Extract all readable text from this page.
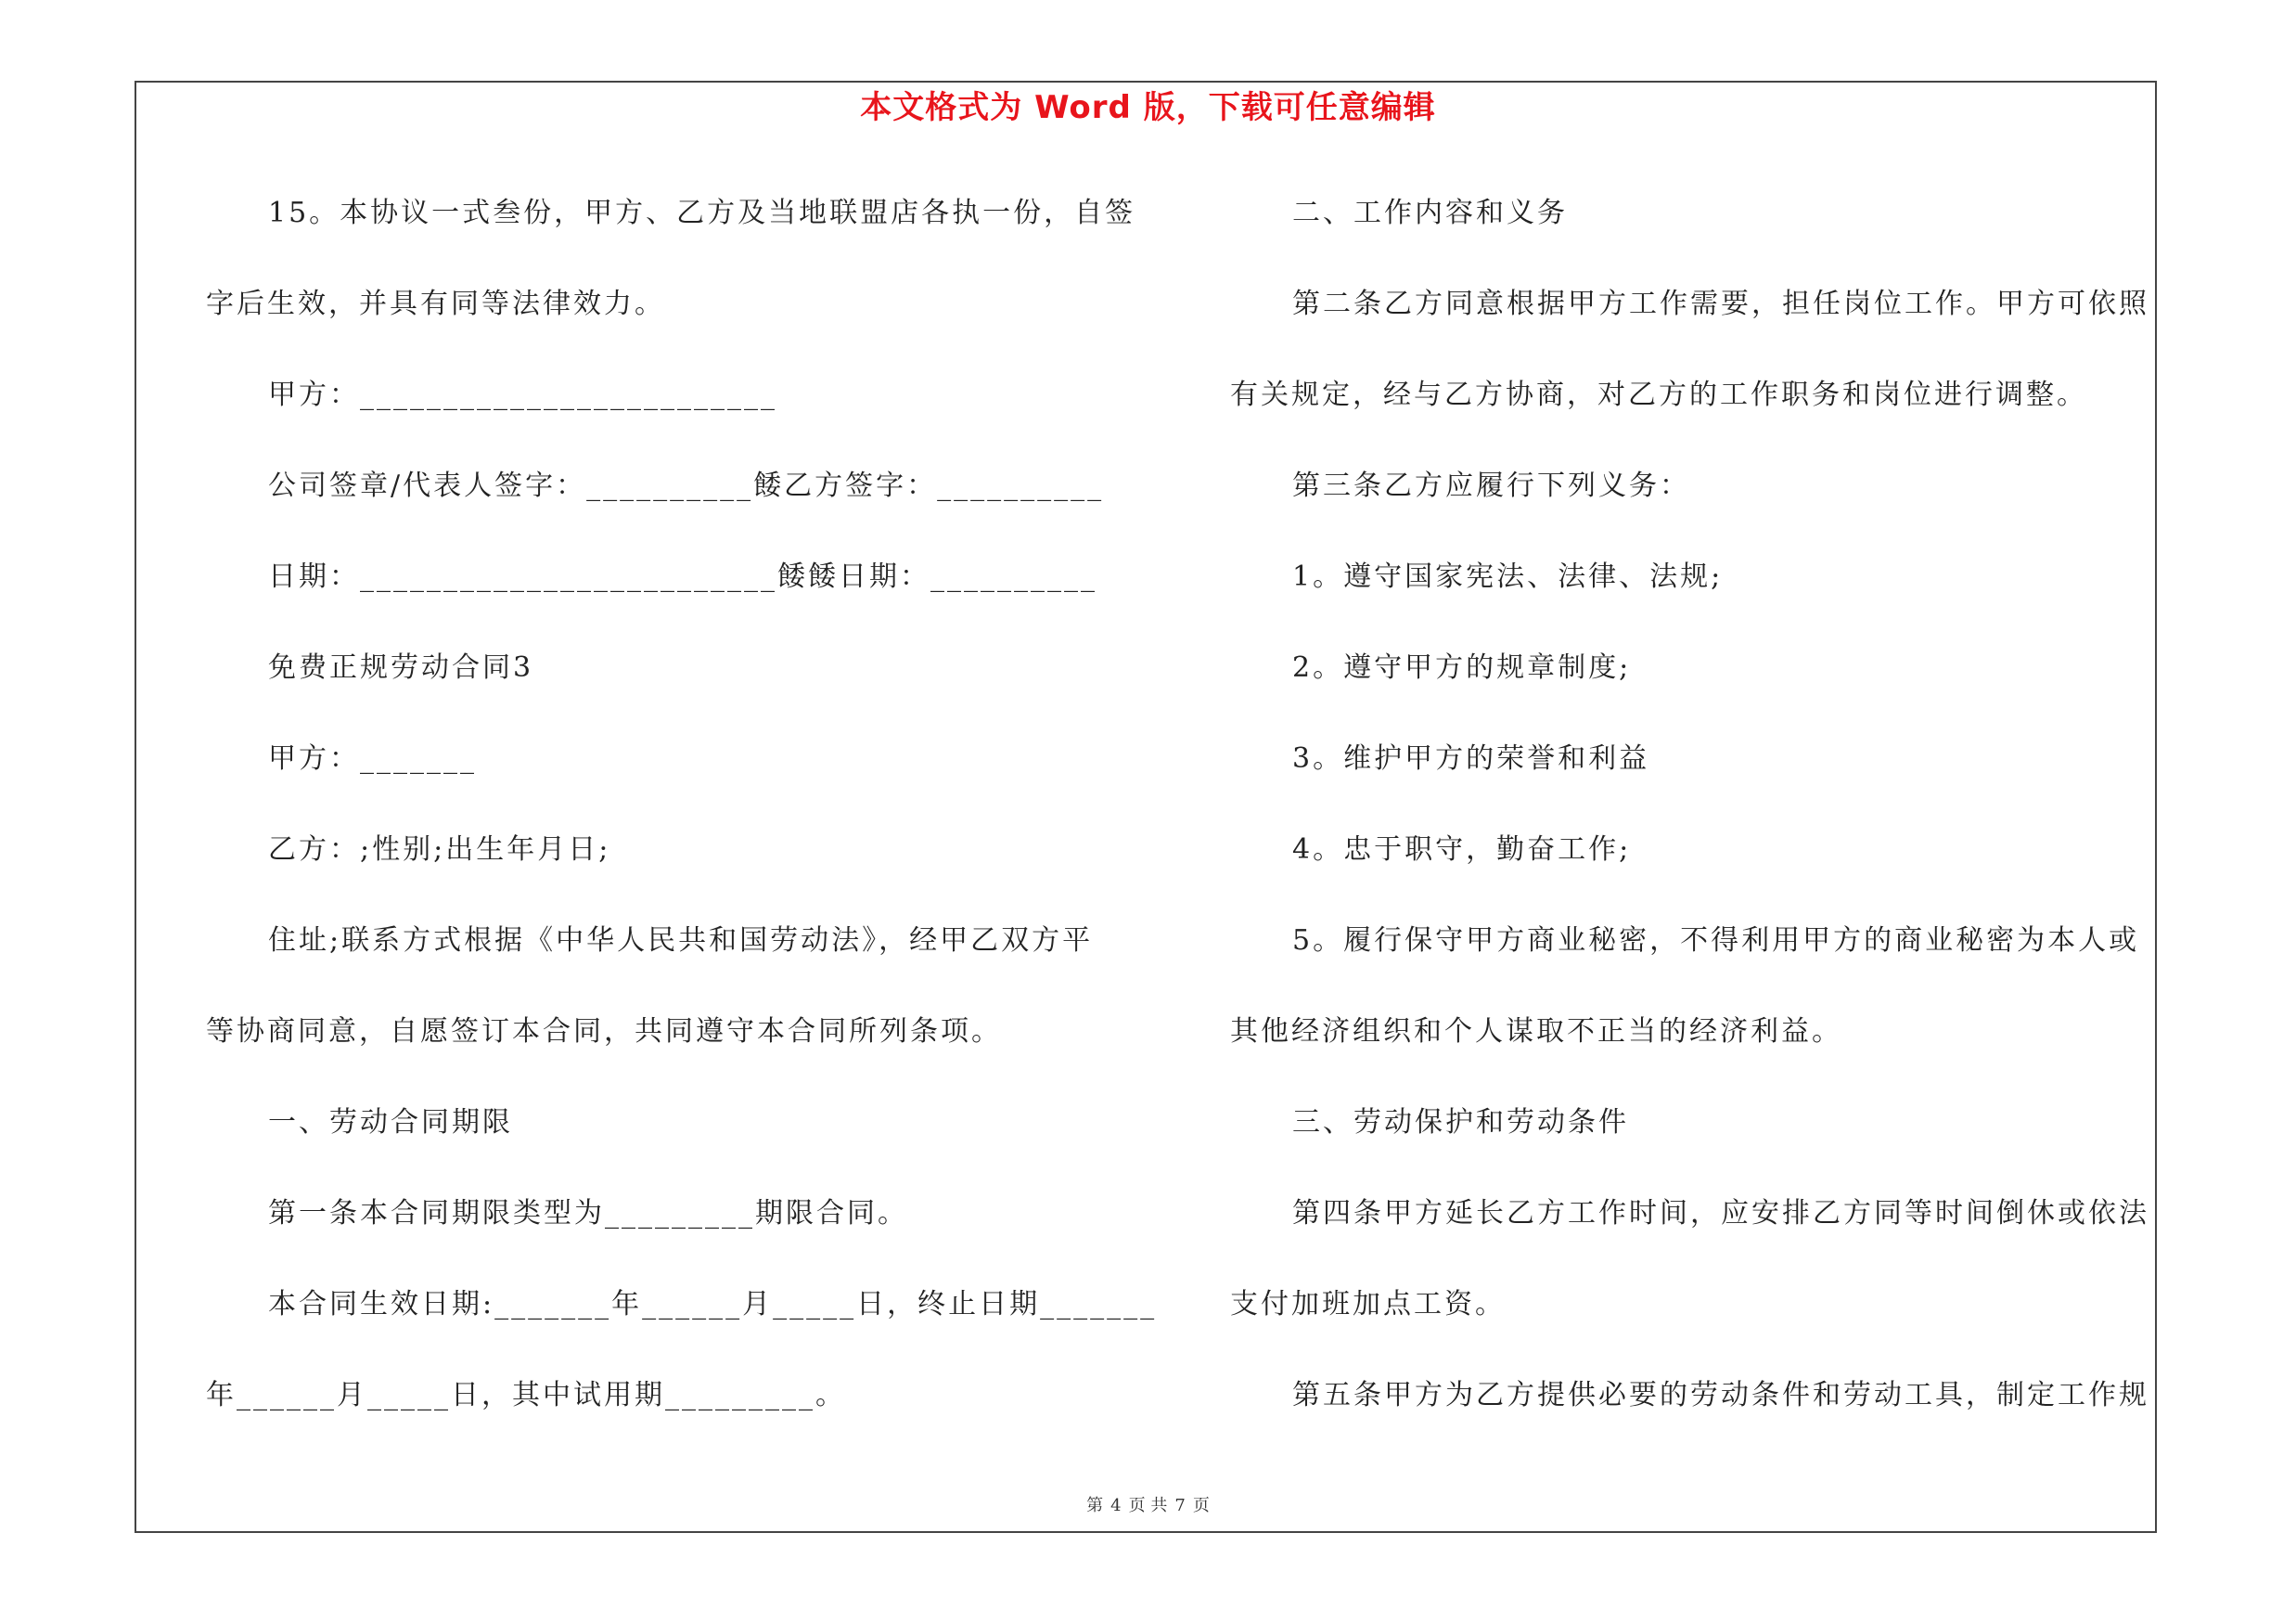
本文格式为 Word 版，下载可任意编辑
15。本协议一式叁份，甲方、乙方及当地联盟店各执一份，自签
字后生效，并具有同等法律效力。
甲方：_________________________
公司签章/代表人签字：__________餧乙方签字：__________
日期：_________________________餧餧日期：__________
免费正规劳动合同3
甲方：_______
乙方：;性别;出生年月日;
住址;联系方式根据《中华人民共和国劳动法》，经甲乙双方平
等协商同意，自愿签订本合同，共同遵守本合同所列条项。
一、劳动合同期限
第一条本合同期限类型为_________期限合同。
本合同生效日期:_______年______月_____日，终止日期_______
年______月_____日，其中试用期_________。
二、工作内容和义务
第二条乙方同意根据甲方工作需要，担任岗位工作。甲方可依照
有关规定，经与乙方协商，对乙方的工作职务和岗位进行调整。
第三条乙方应履行下列义务：
1。遵守国家宪法、法律、法规;
2。遵守甲方的规章制度;
3。维护甲方的荣誉和利益
4。忠于职守，勤奋工作;
5。履行保守甲方商业秘密，不得利用甲方的商业秘密为本人或
其他经济组织和个人谋取不正当的经济利益。
三、劳动保护和劳动条件
第四条甲方延长乙方工作时间，应安排乙方同等时间倒休或依法
支付加班加点工资。
第五条甲方为乙方提供必要的劳动条件和劳动工具，制定工作规
第 4 页 共 7 页
